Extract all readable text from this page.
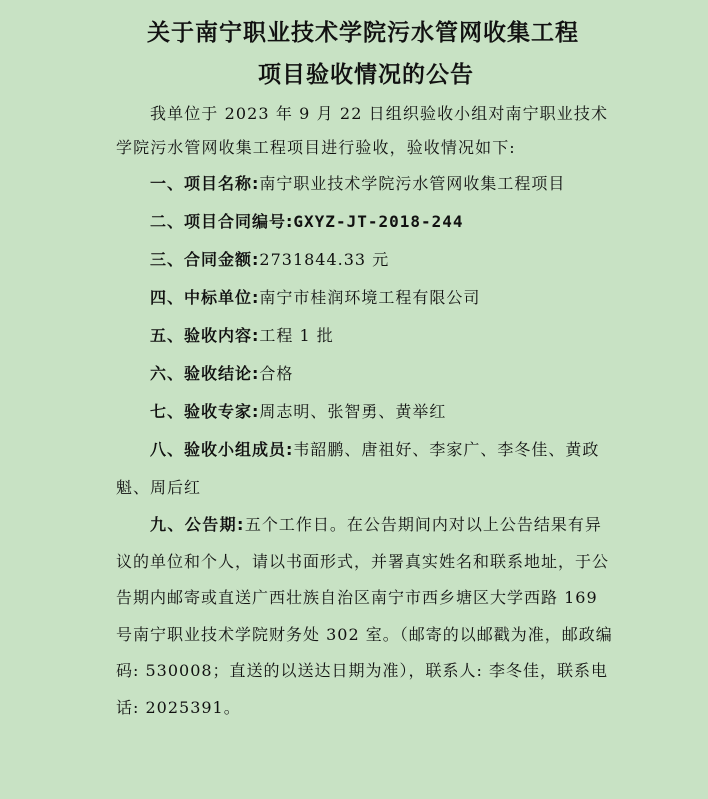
关于南宁职业技术学院污水管网收集工程
项目验收情况的公告

我单位于 2023 年 9 月 22 日组织验收小组对南宁职业技术学院污水管网收集工程项目进行验收，验收情况如下:

一、项目名称:南宁职业技术学院污水管网收集工程项目

二、项目合同编号:GXYZ-JT-2018-244

三、合同金额:2731844.33 元

四、中标单位:南宁市桂润环境工程有限公司

五、验收内容:工程 1 批

六、验收结论:合格

七、验收专家:周志明、张智勇、黄举红

八、验收小组成员:韦韶鹏、唐祖好、李家广、李冬佳、黄政魁、周后红

九、公告期:五个工作日。在公告期间内对以上公告结果有异议的单位和个人，请以书面形式，并署真实姓名和联系地址，于公告期内邮寄或直送广西壮族自治区南宁市西乡塘区大学西路 169 号南宁职业技术学院财务处 302 室。（邮寄的以邮戳为准，邮政编码: 530008；直送的以送达日期为准），联系人: 李冬佳，联系电话: 2025391。
